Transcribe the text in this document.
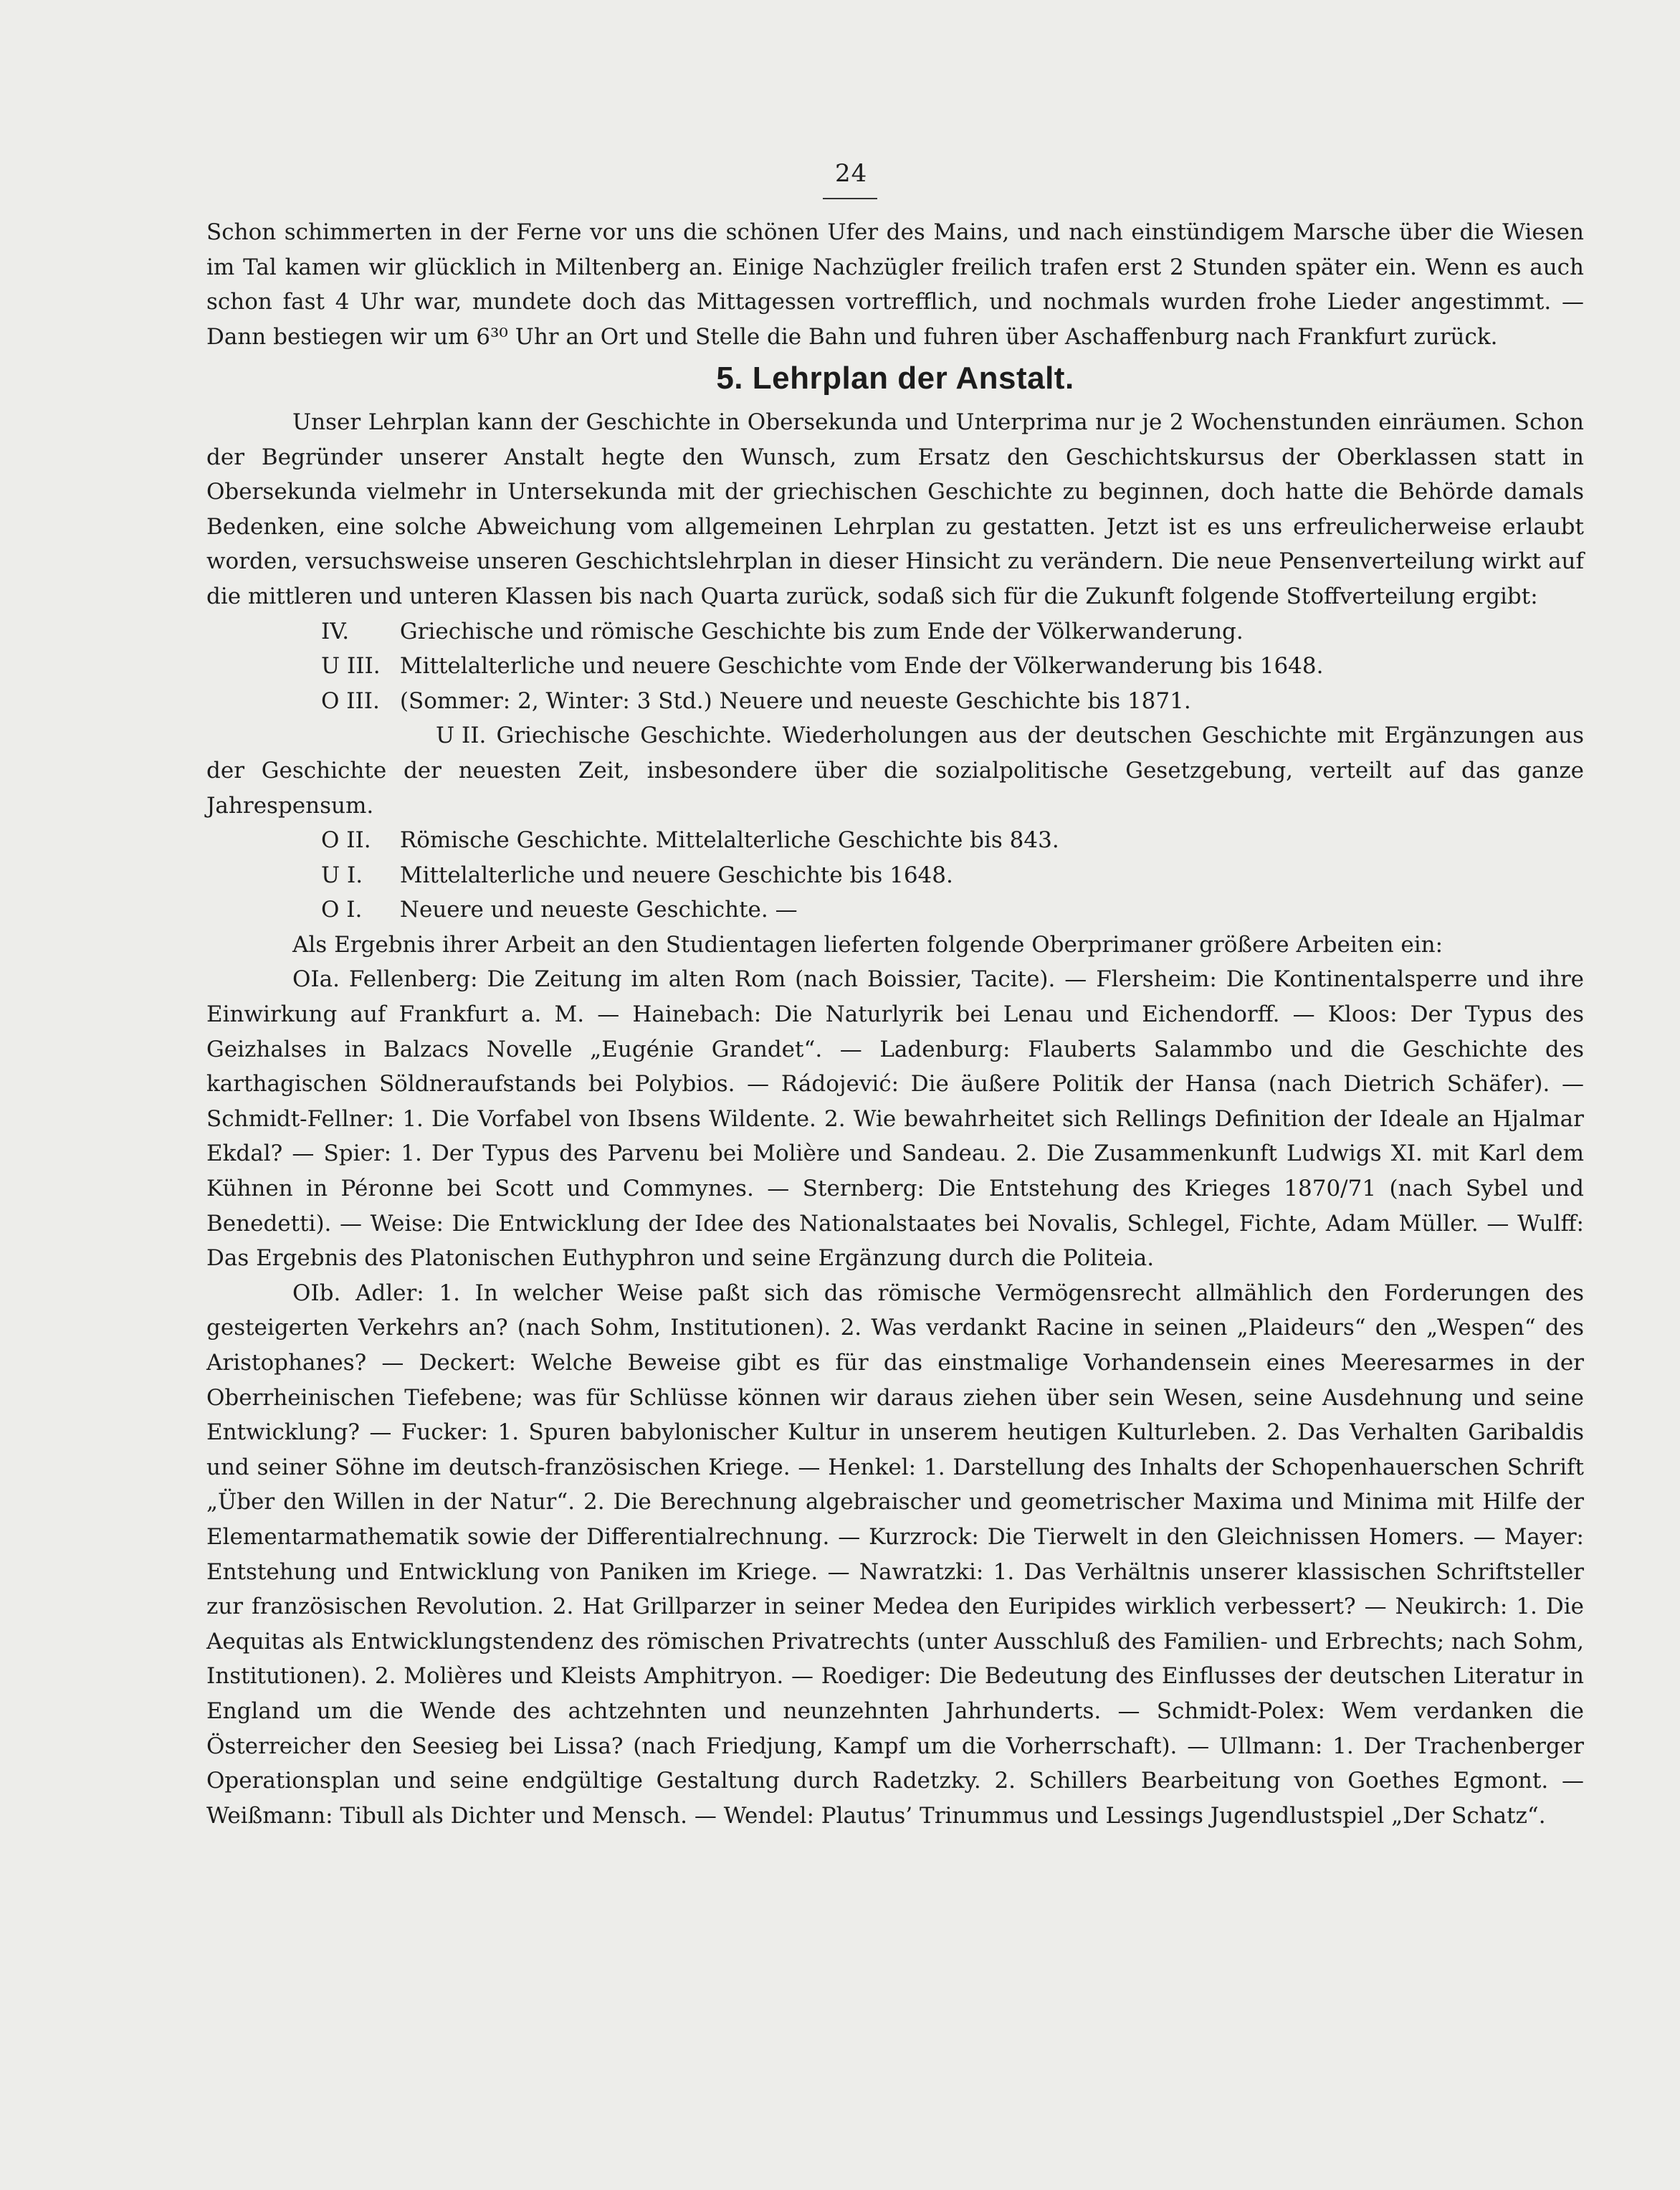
24

Schon schimmerten in der Ferne vor uns die schönen Ufer des Mains, und nach einstündigem Marsche über die Wiesen im Tal kamen wir glücklich in Miltenberg an. Einige Nachzügler freilich trafen erst 2 Stunden später ein. Wenn es auch schon fast 4 Uhr war, mundete doch das Mittagessen vortrefflich, und nochmals wurden frohe Lieder angestimmt. — Dann bestiegen wir um 6³⁰ Uhr an Ort und Stelle die Bahn und fuhren über Aschaffenburg nach Frankfurt zurück.

5. Lehrplan der Anstalt.

Unser Lehrplan kann der Geschichte in Obersekunda und Unterprima nur je 2 Wochenstunden einräumen. Schon der Begründer unserer Anstalt hegte den Wunsch, zum Ersatz den Geschichtskursus der Oberklassen statt in Obersekunda vielmehr in Untersekunda mit der griechischen Geschichte zu beginnen, doch hatte die Behörde damals Bedenken, eine solche Abweichung vom allgemeinen Lehrplan zu gestatten. Jetzt ist es uns erfreulicherweise erlaubt worden, versuchsweise unseren Geschichtslehrplan in dieser Hinsicht zu verändern. Die neue Pensenverteilung wirkt auf die mittleren und unteren Klassen bis nach Quarta zurück, sodaß sich für die Zukunft folgende Stoffverteilung ergibt:

IV. Griechische und römische Geschichte bis zum Ende der Völkerwanderung.
U III. Mittelalterliche und neuere Geschichte vom Ende der Völkerwanderung bis 1648.
O III. (Sommer: 2, Winter: 3 Std.) Neuere und neueste Geschichte bis 1871.
U II. Griechische Geschichte. Wiederholungen aus der deutschen Geschichte mit Ergänzungen aus der Geschichte der neuesten Zeit, insbesondere über die sozialpolitische Gesetzgebung, verteilt auf das ganze Jahrespensum.
O II. Römische Geschichte. Mittelalterliche Geschichte bis 843.
U I. Mittelalterliche und neuere Geschichte bis 1648.
O I. Neuere und neueste Geschichte. —

Als Ergebnis ihrer Arbeit an den Studientagen lieferten folgende Oberprimaner größere Arbeiten ein:

OIa. Fellenberg: Die Zeitung im alten Rom (nach Boissier, Tacite). — Flersheim: Die Kontinentalsperre und ihre Einwirkung auf Frankfurt a. M. — Hainebach: Die Naturlyrik bei Lenau und Eichendorff. — Kloos: Der Typus des Geizhalses in Balzacs Novelle „Eugénie Grandet“. — Ladenburg: Flauberts Salammbo und die Geschichte des karthagischen Söldneraufstands bei Polybios. — Rádojević: Die äußere Politik der Hansa (nach Dietrich Schäfer). — Schmidt-Fellner: 1. Die Vorfabel von Ibsens Wildente. 2. Wie bewahrheitet sich Rellings Definition der Ideale an Hjalmar Ekdal? — Spier: 1. Der Typus des Parvenu bei Molière und Sandeau. 2. Die Zusammenkunft Ludwigs XI. mit Karl dem Kühnen in Péronne bei Scott und Commynes. — Sternberg: Die Entstehung des Krieges 1870/71 (nach Sybel und Benedetti). — Weise: Die Entwicklung der Idee des Nationalstaates bei Novalis, Schlegel, Fichte, Adam Müller. — Wulff: Das Ergebnis des Platonischen Euthyphron und seine Ergänzung durch die Politeia.

OIb. Adler: 1. In welcher Weise paßt sich das römische Vermögensrecht allmählich den Forderungen des gesteigerten Verkehrs an? (nach Sohm, Institutionen). 2. Was verdankt Racine in seinen „Plaideurs“ den „Wespen“ des Aristophanes? — Deckert: Welche Beweise gibt es für das einstmalige Vorhandensein eines Meeresarmes in der Oberrheinischen Tiefebene; was für Schlüsse können wir daraus ziehen über sein Wesen, seine Ausdehnung und seine Entwicklung? — Fucker: 1. Spuren babylonischer Kultur in unserem heutigen Kulturleben. 2. Das Verhalten Garibaldis und seiner Söhne im deutsch-französischen Kriege. — Henkel: 1. Darstellung des Inhalts der Schopenhauerschen Schrift „Über den Willen in der Natur“. 2. Die Berechnung algebraischer und geometrischer Maxima und Minima mit Hilfe der Elementarmathematik sowie der Differentialrechnung. — Kurzrock: Die Tierwelt in den Gleichnissen Homers. — Mayer: Entstehung und Entwicklung von Paniken im Kriege. — Nawratzki: 1. Das Verhältnis unserer klassischen Schriftsteller zur französischen Revolution. 2. Hat Grillparzer in seiner Medea den Euripides wirklich verbessert? — Neukirch: 1. Die Aequitas als Entwicklungstendenz des römischen Privatrechts (unter Ausschluß des Familien- und Erbrechts; nach Sohm, Institutionen). 2. Molières und Kleists Amphitryon. — Roediger: Die Bedeutung des Einflusses der deutschen Literatur in England um die Wende des achtzehnten und neunzehnten Jahrhunderts. — Schmidt-Polex: Wem verdanken die Österreicher den Seesieg bei Lissa? (nach Friedjung, Kampf um die Vorherrschaft). — Ullmann: 1. Der Trachenberger Operationsplan und seine endgültige Gestaltung durch Radetzky. 2. Schillers Bearbeitung von Goethes Egmont. — Weißmann: Tibull als Dichter und Mensch. — Wendel: Plautus’ Trinummus und Lessings Jugendlustspiel „Der Schatz“.
